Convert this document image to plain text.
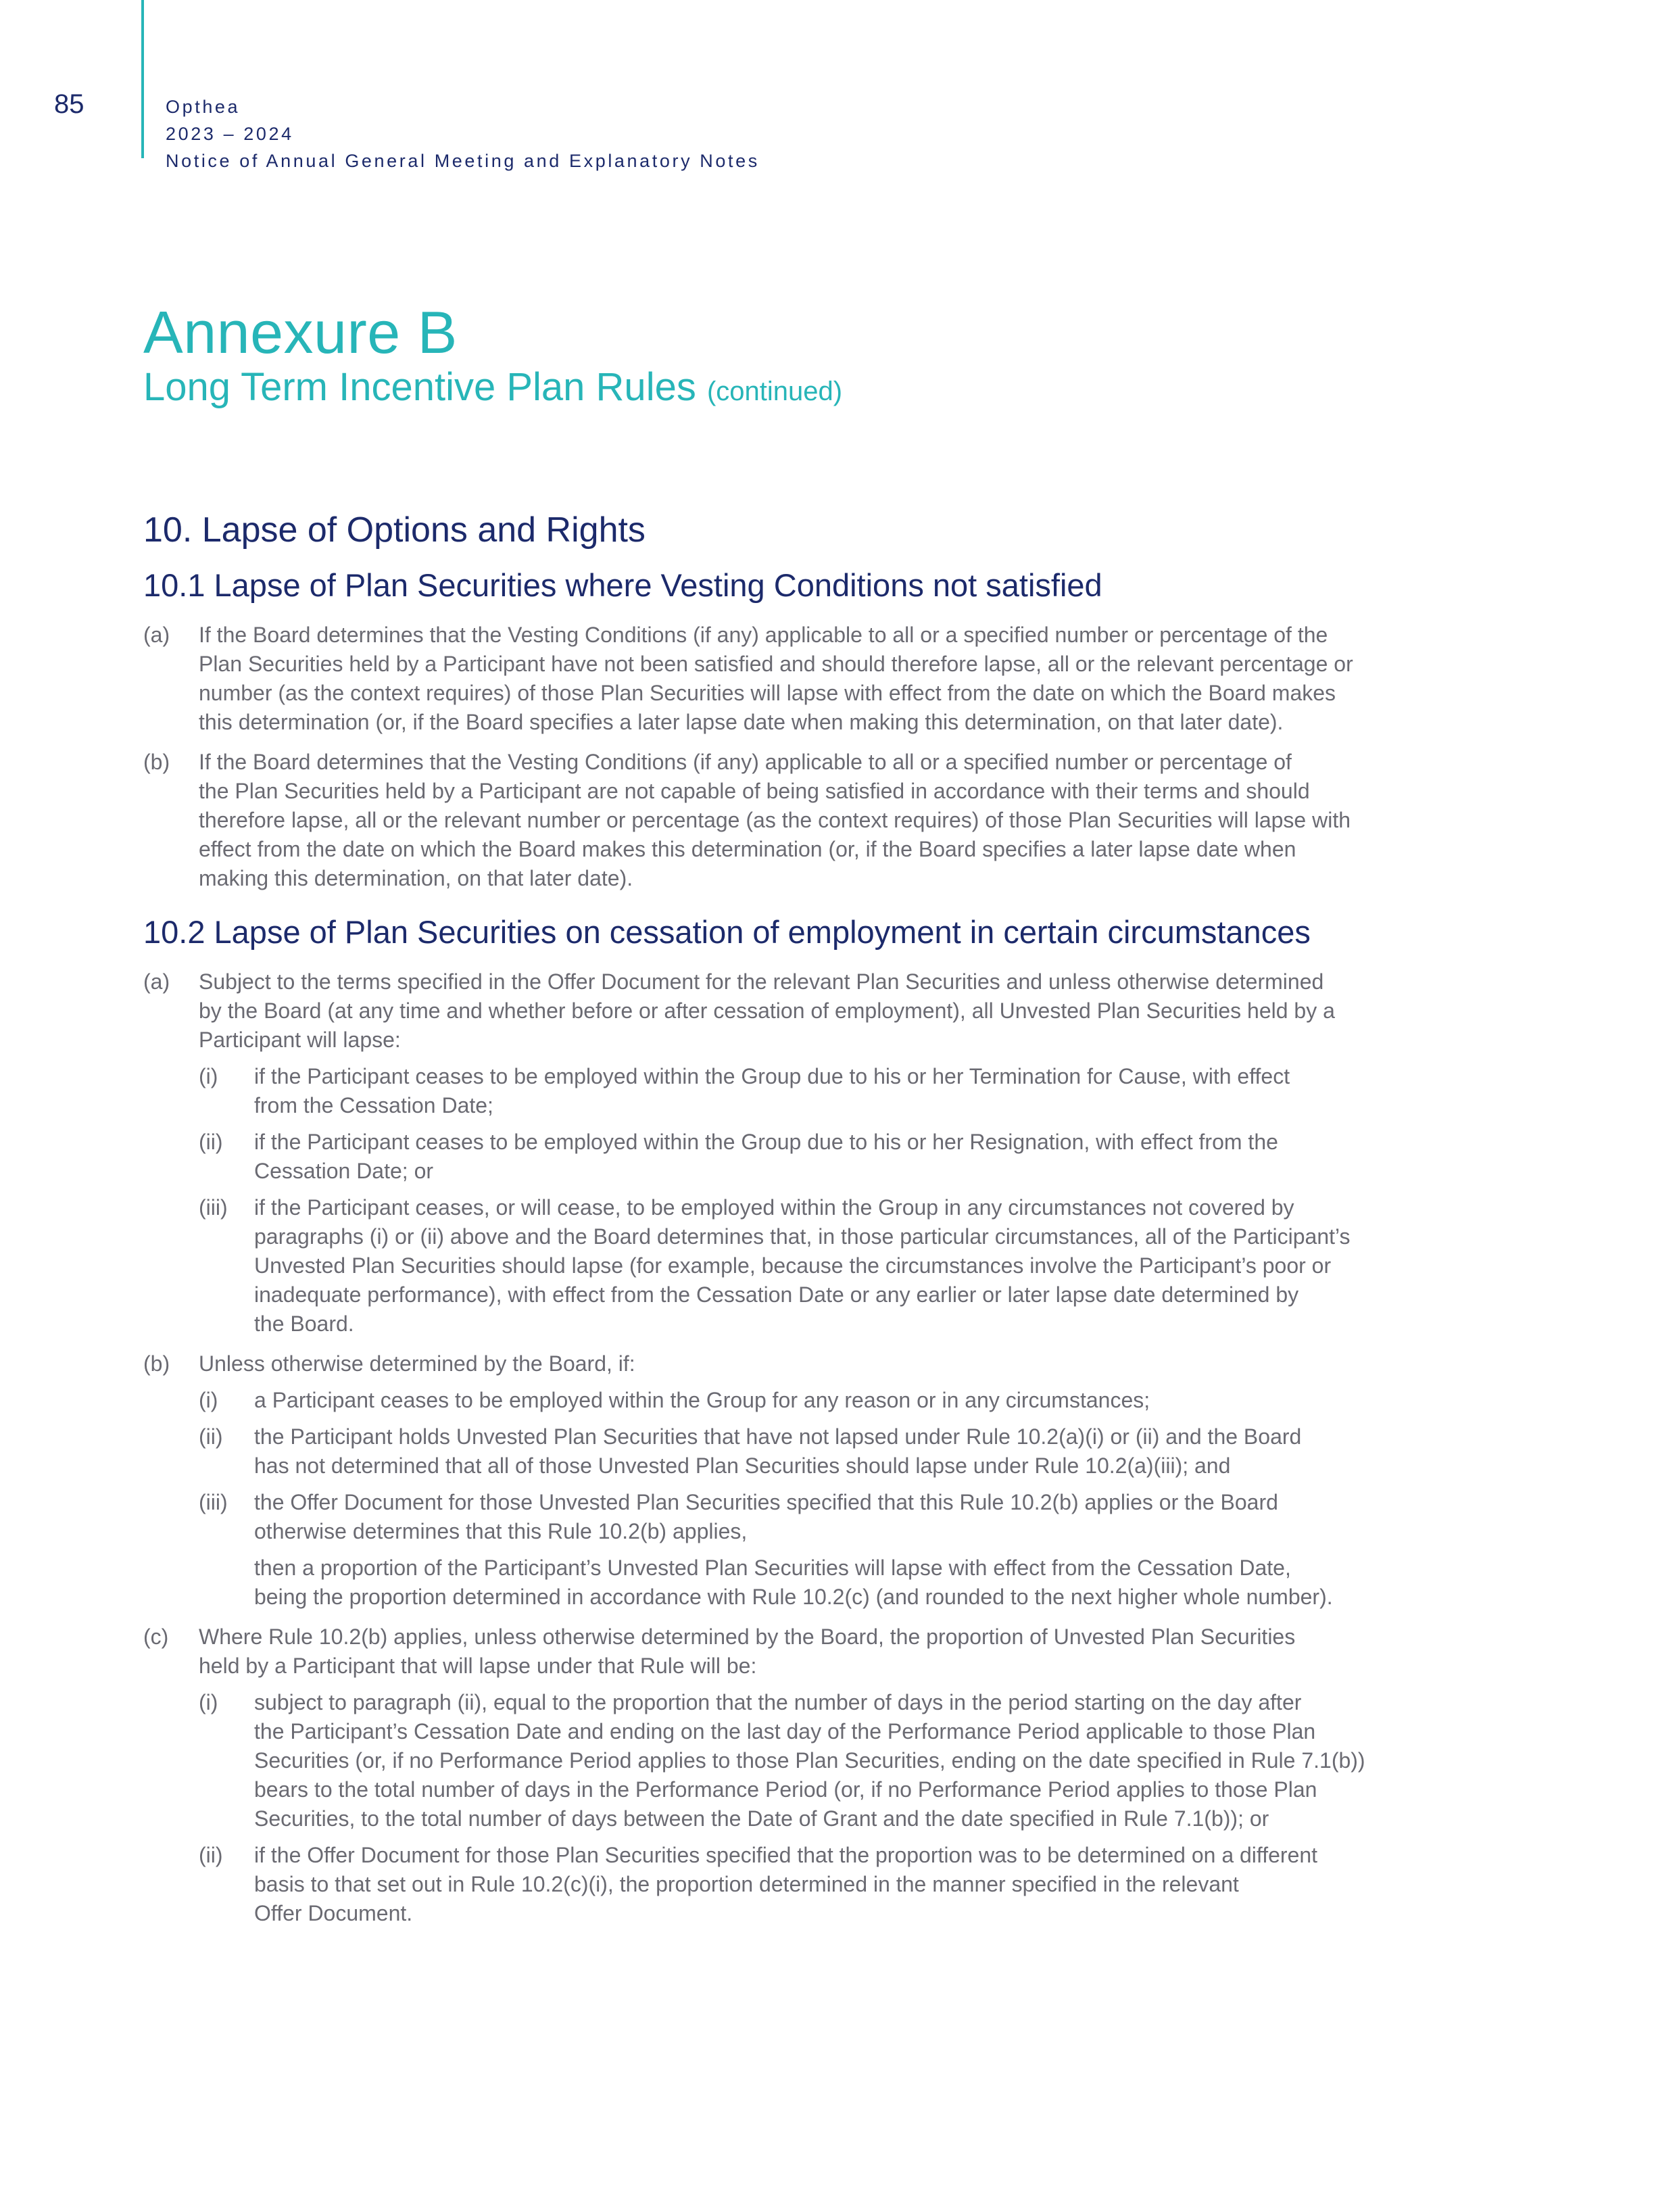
85	Opthea
2023 – 2024
Notice of Annual General Meeting and Explanatory Notes
Annexure B
Long Term Incentive Plan Rules (continued)
10. Lapse of Options and Rights
10.1 Lapse of Plan Securities where Vesting Conditions not satisfied
(a) If the Board determines that the Vesting Conditions (if any) applicable to all or a specified number or percentage of the
Plan Securities held by a Participant have not been satisfied and should therefore lapse, all or the relevant percentage or
number (as the context requires) of those Plan Securities will lapse with effect from the date on which the Board makes
this determination (or, if the Board specifies a later lapse date when making this determination, on that later date).
(b) If the Board determines that the Vesting Conditions (if any) applicable to all or a specified number or percentage of
the Plan Securities held by a Participant are not capable of being satisfied in accordance with their terms and should
therefore lapse, all or the relevant number or percentage (as the context requires) of those Plan Securities will lapse with
effect from the date on which the Board makes this determination (or, if the Board specifies a later lapse date when
making this determination, on that later date).
10.2 Lapse of Plan Securities on cessation of employment in certain circumstances
(a) Subject to the terms specified in the Offer Document for the relevant Plan Securities and unless otherwise determined
by the Board (at any time and whether before or after cessation of employment), all Unvested Plan Securities held by a
Participant will lapse:
(i) if the Participant ceases to be employed within the Group due to his or her Termination for Cause, with effect
from the Cessation Date;
(ii) if the Participant ceases to be employed within the Group due to his or her Resignation, with effect from the
Cessation Date; or
(iii) if the Participant ceases, or will cease, to be employed within the Group in any circumstances not covered by
paragraphs (i) or (ii) above and the Board determines that, in those particular circumstances, all of the Participant’s
Unvested Plan Securities should lapse (for example, because the circumstances involve the Participant’s poor or
inadequate performance), with effect from the Cessation Date or any earlier or later lapse date determined by
the Board.
(b) Unless otherwise determined by the Board, if:
(i) a Participant ceases to be employed within the Group for any reason or in any circumstances;
(ii) the Participant holds Unvested Plan Securities that have not lapsed under Rule 10.2(a)(i) or (ii) and the Board
has not determined that all of those Unvested Plan Securities should lapse under Rule 10.2(a)(iii); and
(iii) the Offer Document for those Unvested Plan Securities specified that this Rule 10.2(b) applies or the Board
otherwise determines that this Rule 10.2(b) applies,
then a proportion of the Participant’s Unvested Plan Securities will lapse with effect from the Cessation Date,
being the proportion determined in accordance with Rule 10.2(c) (and rounded to the next higher whole number).
(c) Where Rule 10.2(b) applies, unless otherwise determined by the Board, the proportion of Unvested Plan Securities
held by a Participant that will lapse under that Rule will be:
(i) subject to paragraph (ii), equal to the proportion that the number of days in the period starting on the day after
the Participant’s Cessation Date and ending on the last day of the Performance Period applicable to those Plan
Securities (or, if no Performance Period applies to those Plan Securities, ending on the date specified in Rule 7.1(b))
bears to the total number of days in the Performance Period (or, if no Performance Period applies to those Plan
Securities, to the total number of days between the Date of Grant and the date specified in Rule 7.1(b)); or
(ii) if the Offer Document for those Plan Securities specified that the proportion was to be determined on a different
basis to that set out in Rule 10.2(c)(i), the proportion determined in the manner specified in the relevant
Offer Document.
